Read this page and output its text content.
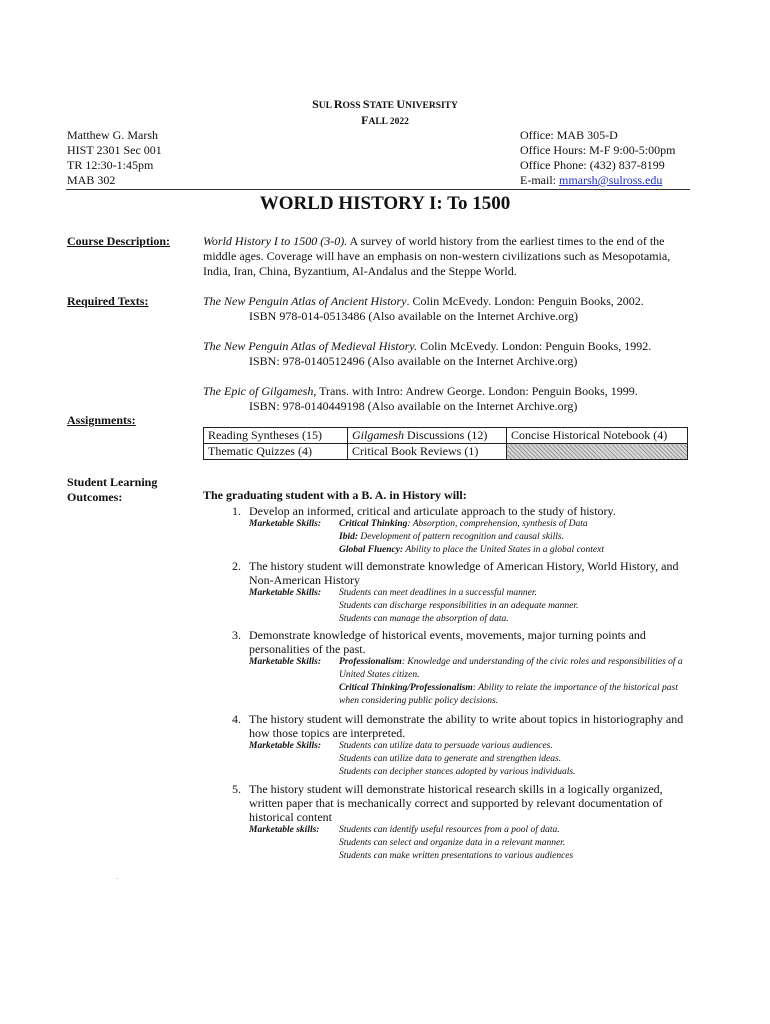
SUL ROSS STATE UNIVERSITY
FALL 2022
Matthew G. Marsh
HIST 2301 Sec 001
TR 12:30-1:45pm
MAB 302
Office: MAB 305-D
Office Hours: M-F 9:00-5:00pm
Office Phone: (432) 837-8199
E-mail: mmarsh@sulross.edu
WORLD HISTORY I: To 1500
Course Description:	World History I to 1500 (3-0). A survey of world history from the earliest times to the end of the middle ages. Coverage will have an emphasis on non-western civilizations such as Mesopotamia, India, Iran, China, Byzantium, Al-Andalus and the Steppe World.
Required Texts:	The New Penguin Atlas of Ancient History. Colin McEvedy. London: Penguin Books, 2002.
ISBN 978-014-0513486 (Also available on the Internet Archive.org)
The New Penguin Atlas of Medieval History. Colin McEvedy. London: Penguin Books, 1992.
ISBN: 978-0140512496 (Also available on the Internet Archive.org)
The Epic of Gilgamesh, Trans. with Intro: Andrew George. London: Penguin Books, 1999.
ISBN: 978-0140449198 (Also available on the Internet Archive.org)
Assignments:
Reading Syntheses (15)	Gilgamesh Discussions (12)	Concise Historical Notebook (4)
Thematic Quizzes (4)	Critical Book Reviews (1)	
Student Learning
Outcomes:	The graduating student with a B. A. in History will:
1. Develop an informed, critical and articulate approach to the study of history.
Marketable Skills: Critical Thinking: Absorption, comprehension, synthesis of Data
Ibid: Development of pattern recognition and causal skills.
Global Fluency: Ability to place the United States in a global context
2. The history student will demonstrate knowledge of American History, World History, and Non-American History
Marketable Skills: Students can meet deadlines in a successful manner.
Students can discharge responsibilities in an adequate manner.
Students can manage the absorption of data.
3. Demonstrate knowledge of historical events, movements, major turning points and personalities of the past.
Marketable Skills: Professionalism: Knowledge and understanding of the civic roles and responsibilities of a United States citizen.
Critical Thinking/Professionalism: Ability to relate the importance of the historical past when considering public policy decisions.
4. The history student will demonstrate the ability to write about topics in historiography and how those topics are interpreted.
Marketable Skills: Students can utilize data to persuade various audiences.
Students can utilize data to generate and strengthen ideas.
Students can decipher stances adopted by various individuals.
5. The history student will demonstrate historical research skills in a logically organized, written paper that is mechanically correct and supported by relevant documentation of historical content
Marketable skills: Students can identify useful resources from a pool of data.
Students can select and organize data in a relevant manner.
Students can make written presentations to various audiences
.
